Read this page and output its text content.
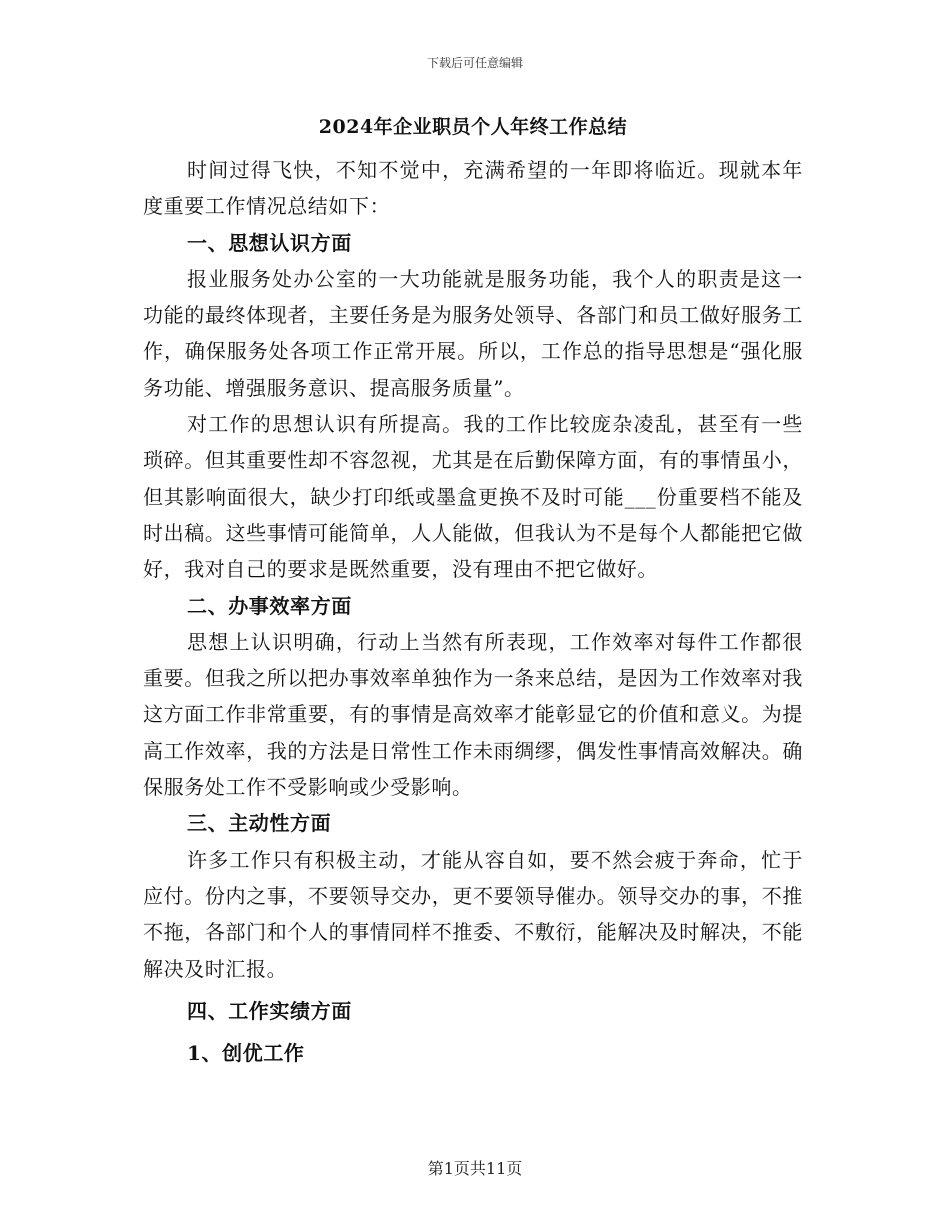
下载后可任意编辑
2024年企业职员个人年终工作总结

时间过得飞快，不知不觉中，充满希望的一年即将临近。现就本年度重要工作情况总结如下：

一、思想认识方面

报业服务处办公室的一大功能就是服务功能，我个人的职责是这一功能的最终体现者，主要任务是为服务处领导、各部门和员工做好服务工作，确保服务处各项工作正常开展。所以，工作总的指导思想是“强化服务功能、增强服务意识、提高服务质量”。

对工作的思想认识有所提高。我的工作比较庞杂凌乱，甚至有一些琐碎。但其重要性却不容忽视，尤其是在后勤保障方面，有的事情虽小，但其影响面很大，缺少打印纸或墨盒更换不及时可能___份重要档不能及时出稿。这些事情可能简单，人人能做，但我认为不是每个人都能把它做好，我对自己的要求是既然重要，没有理由不把它做好。

二、办事效率方面

思想上认识明确，行动上当然有所表现，工作效率对每件工作都很重要。但我之所以把办事效率单独作为一条来总结，是因为工作效率对我这方面工作非常重要，有的事情是高效率才能彰显它的价值和意义。为提高工作效率，我的方法是日常性工作未雨绸缪，偶发性事情高效解决。确保服务处工作不受影响或少受影响。

三、主动性方面

许多工作只有积极主动，才能从容自如，要不然会疲于奔命，忙于应付。份内之事，不要领导交办，更不要领导催办。领导交办的事，不推不拖，各部门和个人的事情同样不推委、不敷衍，能解决及时解决，不能解决及时汇报。

四、工作实绩方面

1、创优工作

第1页共11页
